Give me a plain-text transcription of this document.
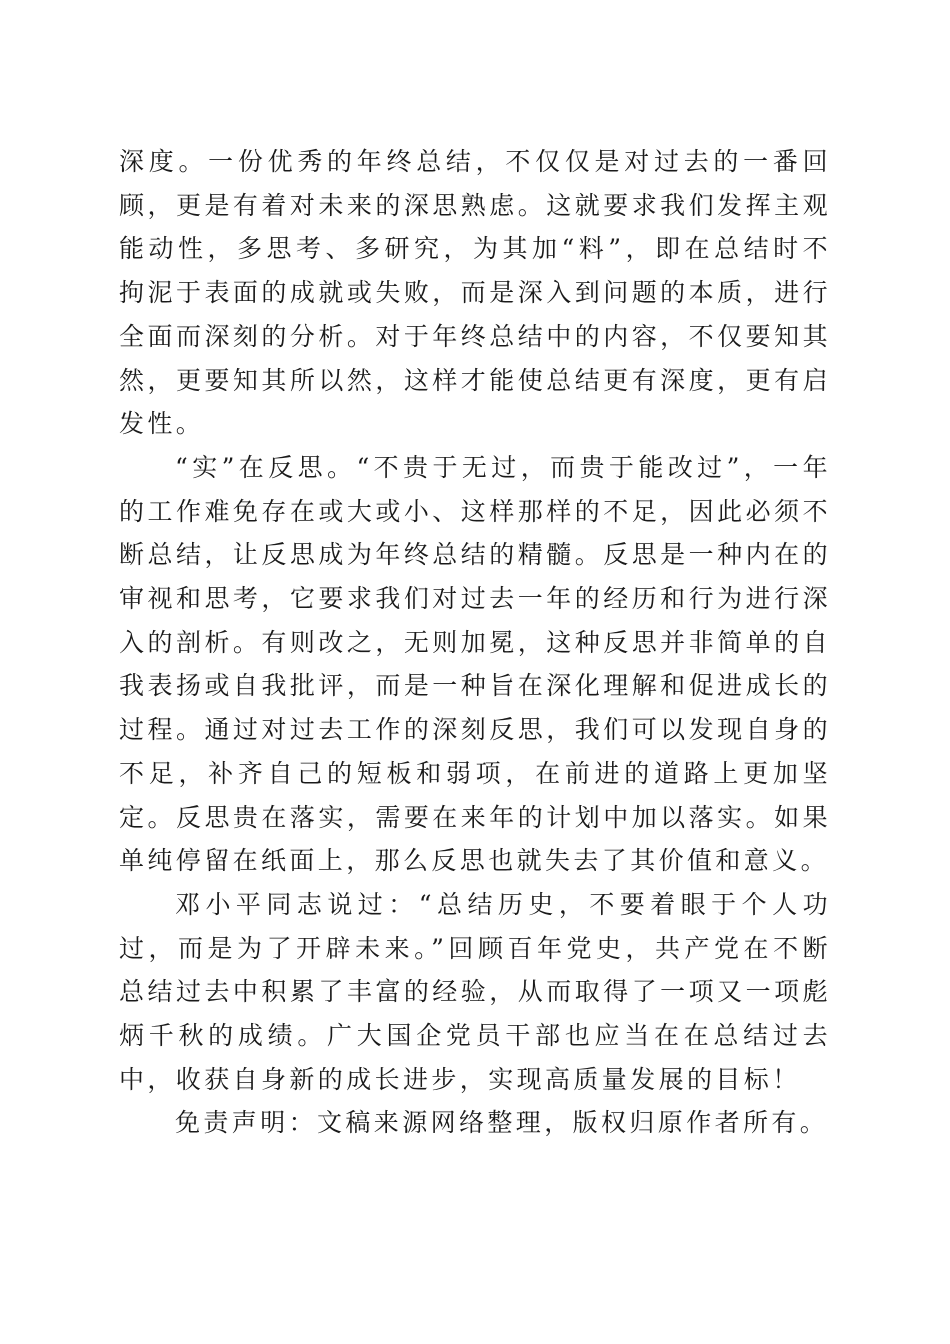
深度。一份优秀的年终总结，不仅仅是对过去的一番回顾，更是有着对未来的深思熟虑。这就要求我们发挥主观能动性，多思考、多研究，为其加“料”，即在总结时不拘泥于表面的成就或失败，而是深入到问题的本质，进行全面而深刻的分析。对于年终总结中的内容，不仅要知其然，更要知其所以然，这样才能使总结更有深度，更有启发性。

“实”在反思。“不贵于无过，而贵于能改过”，一年的工作难免存在或大或小、这样那样的不足，因此必须不断总结，让反思成为年终总结的精髓。反思是一种内在的审视和思考，它要求我们对过去一年的经历和行为进行深入的剖析。有则改之，无则加冕，这种反思并非简单的自我表扬或自我批评，而是一种旨在深化理解和促进成长的过程。通过对过去工作的深刻反思，我们可以发现自身的不足，补齐自己的短板和弱项，在前进的道路上更加坚定。反思贵在落实，需要在来年的计划中加以落实。如果单纯停留在纸面上，那么反思也就失去了其价值和意义。

邓小平同志说过：“总结历史，不要着眼于个人功过，而是为了开辟未来。”回顾百年党史，共产党在不断总结过去中积累了丰富的经验，从而取得了一项又一项彪炳千秋的成绩。广大国企党员干部也应当在在总结过去中，收获自身新的成长进步，实现高质量发展的目标！

免责声明：文稿来源网络整理，版权归原作者所有。
